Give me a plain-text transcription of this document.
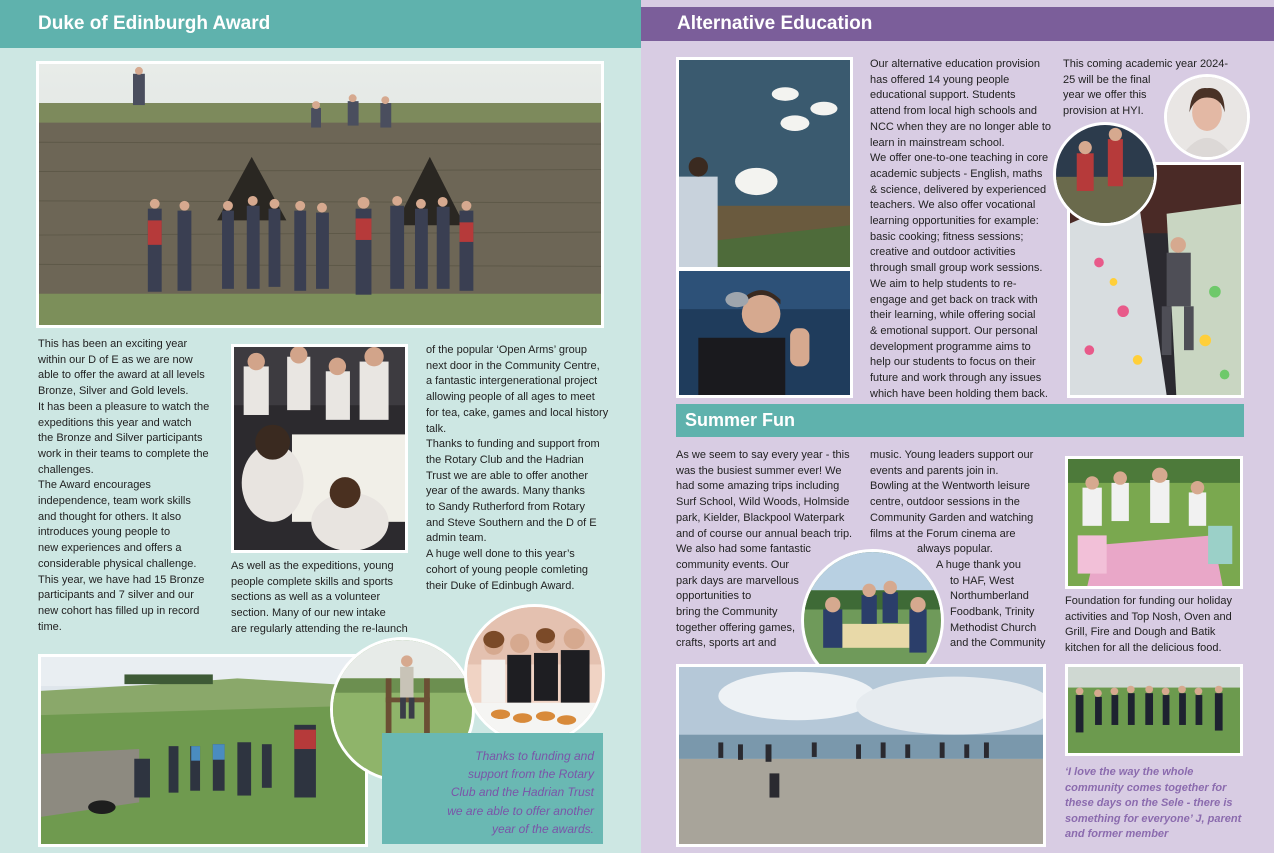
Duke of Edinburgh Award

This has been an exciting year

within our D of E as we are now

able to offer the award at all levels

Bronze, Silver and Gold levels.

It has been a pleasure to watch the

expeditions this year and watch

the Bronze and Silver participants

work in their teams to complete the

challenges.

The Award encourages

independence, team work skills

and thought for others. It also

introduces young people to

new experiences and offers a

considerable physical challenge.

This year, we have had 15 Bronze

participants and 7 silver and our

new cohort has filled up in record

time.

As well as the expeditions, young

people complete skills and sports

sections as well as a volunteer

section. Many of our new intake

are regularly attending the re-launch

of the popular ‘Open Arms’ group

next door in the Community Centre,

a fantastic intergenerational project

allowing people of all ages to meet

for tea, cake, games and local history

talk.

Thanks to funding and support from

the Rotary Club and the Hadrian

Trust we are able to offer another

year of the awards. Many thanks

to Sandy Rutherford from Rotary

and Steve Southern and the D of E

admin team.

A huge well done to this year’s

cohort of young people comleting

their Duke of Edinbugh Award.

Thanks to funding and

support from the Rotary

Club and the Hadrian Trust

we are able to offer another

year of the awards.

Alternative Education

Our alternative education provision

has offered 14 young people

educational support. Students

attend from local high schools and

NCC when they are no longer able to

learn in mainstream school.

We offer one-to-one teaching in core

academic subjects - English, maths

& science, delivered by experienced

teachers. We also offer vocational

learning opportunities for example:

basic cooking; fitness sessions;

creative and outdoor activities

through small group work sessions.

We aim to help students to re-

engage and get back on track with

their learning, while offering social

& emotional support. Our personal

development programme aims to

help our students to focus on their

future and work through any issues

which have been holding them back.

This coming academic year 2024-

25 will be the final

year we offer this

provision at HYI.

Summer Fun

As we seem to say every year - this

was the busiest summer ever! We

had some amazing trips including

Surf School, Wild Woods, Holmside

park, Kielder, Blackpool Waterpark

and of course our annual beach trip.

We also had some fantastic

community events. Our

park days are marvellous

opportunities to

bring the Community

together offering games,

crafts, sports art and

music. Young leaders support our

events and parents join in.

Bowling at the Wentworth leisure

centre, outdoor sessions in the

Community Garden and watching

films at the Forum cinema are

always popular.

A huge thank you

to HAF, West

Northumberland

Foodbank, Trinity

Methodist Church

and the Community

Foundation for funding our holiday

activities and Top Nosh, Oven and

Grill, Fire and Dough and Batik

kitchen for all the delicious food.

‘I love the way the whole

community comes together for

these days on the Sele - there is

something for everyone’ J, parent

and former member
